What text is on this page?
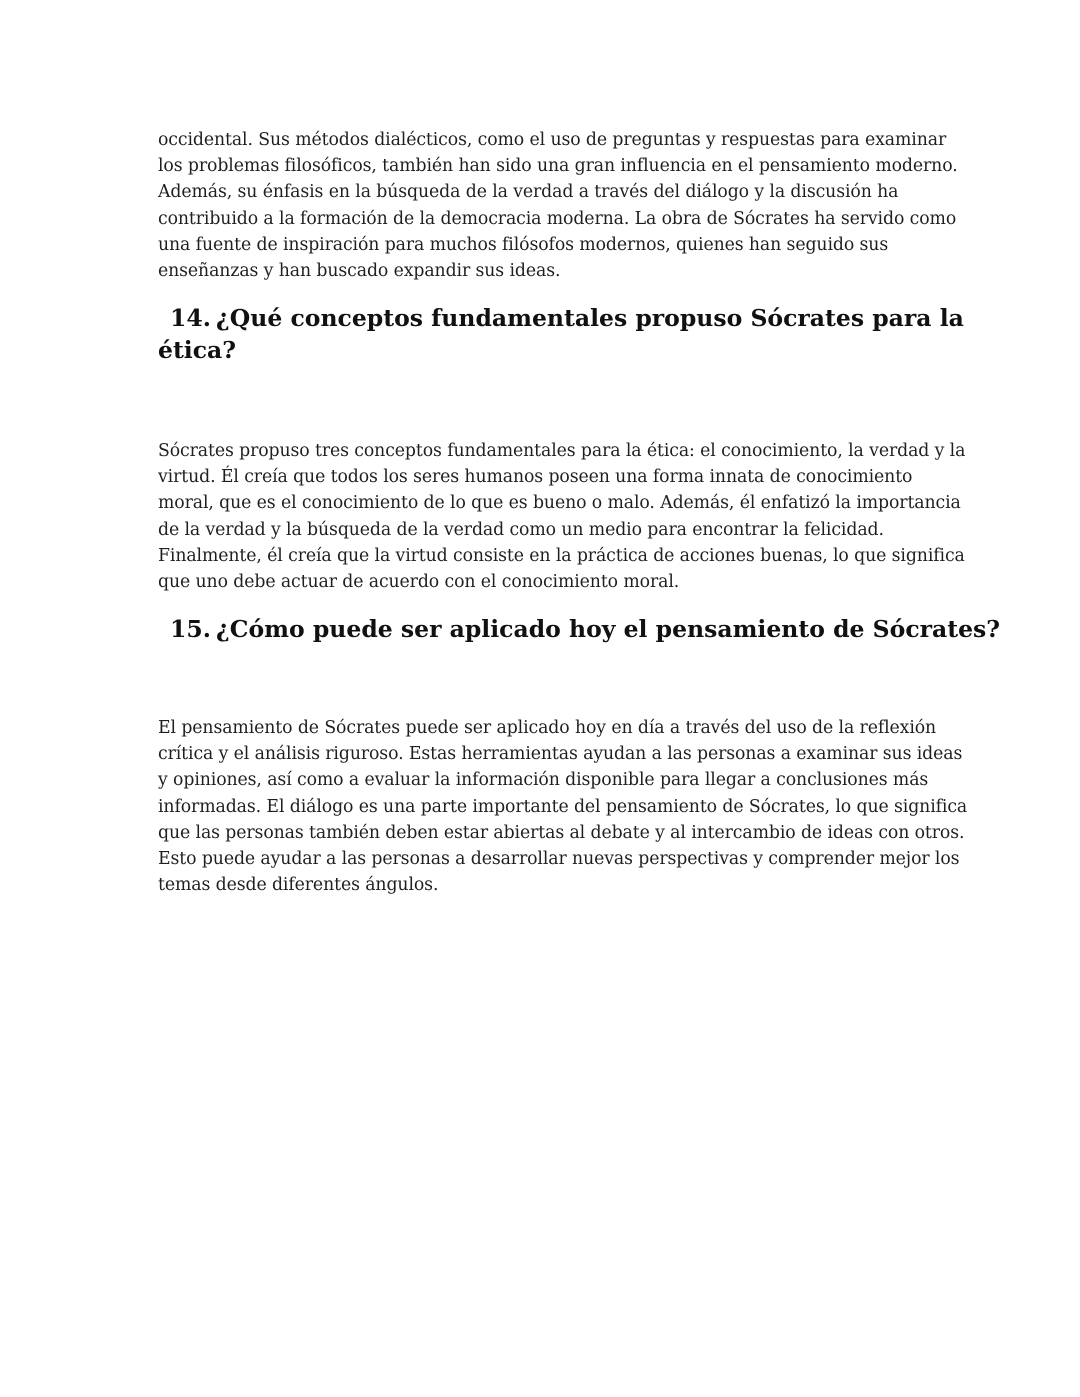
occidental. Sus métodos dialécticos, como el uso de preguntas y respuestas para examinar
los problemas filosóficos, también han sido una gran influencia en el pensamiento moderno.
Además, su énfasis en la búsqueda de la verdad a través del diálogo y la discusión ha
contribuido a la formación de la democracia moderna. La obra de Sócrates ha servido como
una fuente de inspiración para muchos filósofos modernos, quienes han seguido sus
enseñanzas y han buscado expandir sus ideas.

14. ¿Qué conceptos fundamentales propuso Sócrates para la
ética?

Sócrates propuso tres conceptos fundamentales para la ética: el conocimiento, la verdad y la
virtud. Él creía que todos los seres humanos poseen una forma innata de conocimiento
moral, que es el conocimiento de lo que es bueno o malo. Además, él enfatizó la importancia
de la verdad y la búsqueda de la verdad como un medio para encontrar la felicidad.
Finalmente, él creía que la virtud consiste en la práctica de acciones buenas, lo que significa
que uno debe actuar de acuerdo con el conocimiento moral.

15. ¿Cómo puede ser aplicado hoy el pensamiento de Sócrates?

El pensamiento de Sócrates puede ser aplicado hoy en día a través del uso de la reflexión
crítica y el análisis riguroso. Estas herramientas ayudan a las personas a examinar sus ideas
y opiniones, así como a evaluar la información disponible para llegar a conclusiones más
informadas. El diálogo es una parte importante del pensamiento de Sócrates, lo que significa
que las personas también deben estar abiertas al debate y al intercambio de ideas con otros.
Esto puede ayudar a las personas a desarrollar nuevas perspectivas y comprender mejor los
temas desde diferentes ángulos.
